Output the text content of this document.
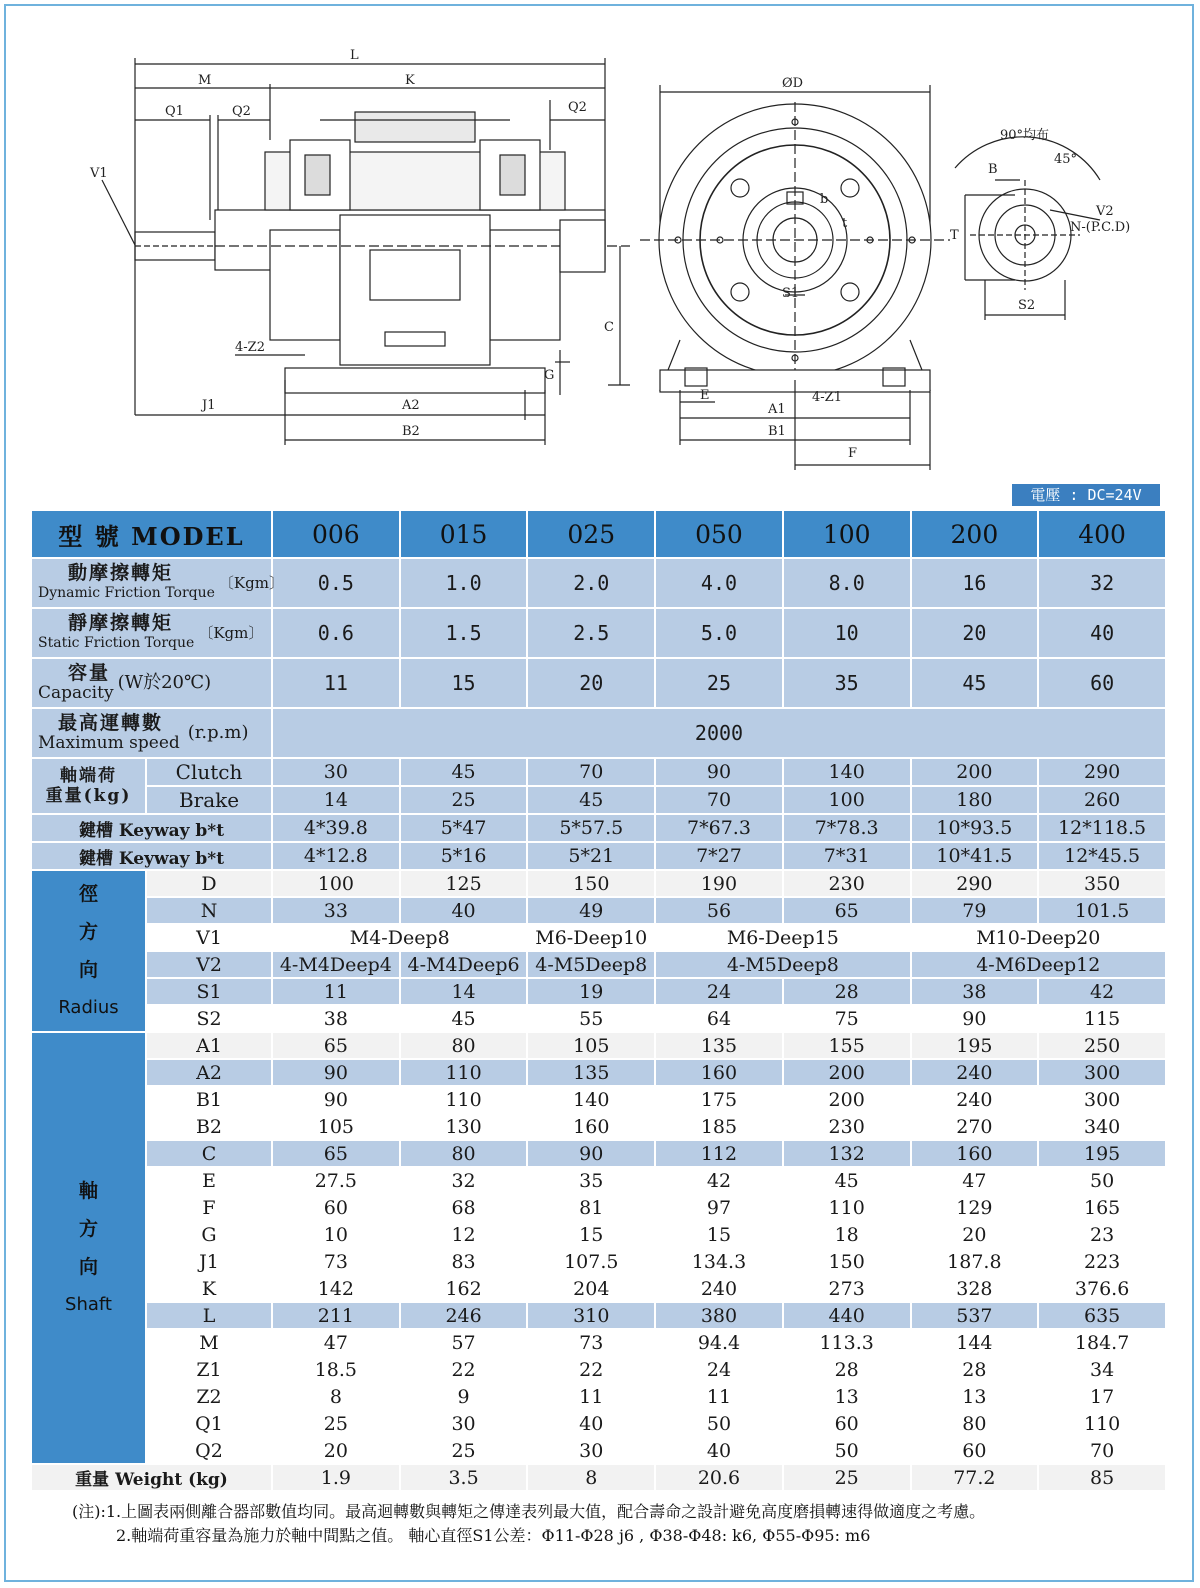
L
M	K
Q1	Q2	Q2
V1
4-Z2
C
G
J1	A2
B2
ØD
b
t
S1
E
A1
4-Z1
B1
F
90°均布
45°
B
T
V2
N-(P.C.D)
S2
電壓 : DC=24V
型 號 MODEL		006	015	025	050	100	200	400

動摩擦轉矩
Dynamic Friction Torque
〔Kgm〕		0.5	1.0	2.0	4.0	8.0	16	32

靜摩擦轉矩
Static Friction Torque
〔Kgm〕		0.6	1.5	2.5	5.0	10	20	40

容量
Capacity (W於20℃)		11	15	20	25	35	45	60

最高運轉數
Maximum speed (r.p.m)		2000						

軸端荷
重量(kg)	Clutch	30	45	70	90	140	200	290
	Brake	14	25	45	70	100	180	260
鍵槽 Keyway b*t		4*39.8	5*47	5*57.5	7*67.3	7*78.3	10*93.5	12*118.5
鍵槽 Keyway b*t		4*12.8	5*16	5*21	7*27	7*31	10*41.5	12*45.5

徑
方
向
Radius	D	100	125	150	190	230	290	350
	N	33	40	49	56	65	79	101.5
	V1	M4-Deep8		M6-Deep10	M6-Deep15		M10-Deep20	
	V2	4-M4Deep4	4-M4Deep6	4-M5Deep8	4-M5Deep8		4-M6Deep12	
	S1	11	14	19	24	28	38	42
	S2	38	45	55	64	75	90	115

軸
方
向
Shaft	A1	65	80	105	135	155	195	250
	A2	90	110	135	160	200	240	300
	B1	90	110	140	175	200	240	300
	B2	105	130	160	185	230	270	340
	C	65	80	90	112	132	160	195
	E	27.5	32	35	42	45	47	50
	F	60	68	81	97	110	129	165
	G	10	12	15	15	18	20	23
	J1	73	83	107.5	134.3	150	187.8	223
	K	142	162	204	240	273	328	376.6
	L	211	246	310	380	440	537	635
	M	47	57	73	94.4	113.3	144	184.7
	Z1	18.5	22	22	24	28	28	34
	Z2	8	9	11	11	13	13	17
	Q1	25	30	40	50	60	80	110
	Q2	20	25	30	40	50	60	70
重量 Weight (kg)		1.9	3.5	8	20.6	25	77.2	85
(注):1.上圖表兩側離合器部數值均同。最高迴轉數與轉矩之傳達表列最大值，配合壽命之設計避免高度磨損轉速得做適度之考慮。
2.軸端荷重容量為施力於軸中間點之值。 軸心直徑S1公差：Φ11-Φ28 j6 , Φ38-Φ48: k6, Φ55-Φ95: m6
